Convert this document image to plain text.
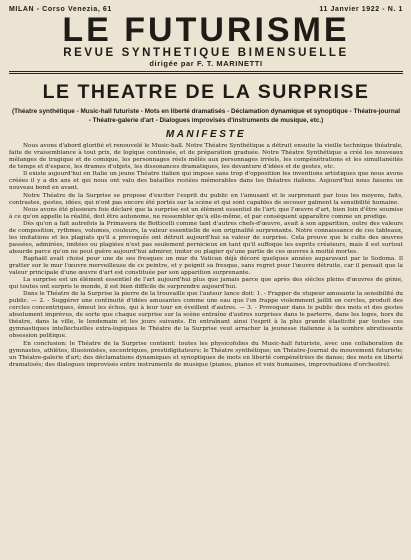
MILAN - Corso Venezia, 61	11 Janvier 1922 - N. 1
LE FUTURISME
REVUE SYNTHETIQUE BIMENSUELLE
dirigée par F. T. MARINETTI
LE THEATRE DE LA SURPRISE
(Théatre synthétique - Music-hall futuriste - Mots en liberté dramatisés - Déclamation dynamique et synoptique - Théatre-journal - Théatre-galerie d'art - Dialogues improvisés d'instruments de musique, etc.)
MANIFESTE

Nous avons d'abord glorifié et renouvelé le Music-hall. Notre Théatre Synthétique a détruit ensuite la vieille technique théatrale, faite de vraisemblance à tout prix, de logique continuée, et de préparation graduée. Notre Théatre Synthétique a créé les nouveaux mélanges de tragique et de comique, les personnages réels mêlés aux personnages irréels, les compénétrations et les simultanéités de temps et d'espace, les drames d'objets, les dissonances dramatiques, les devanture d'idées et de gestes, etc.

Il existe aujourd'hui en Italie un jeune Théatre italien qui impose sans trop d'opposition les inventions artistiques que nous avons créées il y a dix ans et qui nous ont valu des batailles restées mémorables dans les théatres italiens. Aujourd'hui nous faisons un nouveau bond en avant.

Notre Théatre de la Surprise se propose d'exciter l'esprit du public en l'amusant et le surprenant par tous les moyens, faits, contrastes, gestes, idées, qui n'ont pas encore été portés sur la scène et qui sont capables de secouer galment la sensibilité humaine.

Nous avons été plusieurs fois déclaré que la surprise est un élément essentiel de l'art; que l'œuvre d'art, bien loin d'être soumise à ce qu'on appelle la réalité, doit être autonome, ne ressembler qu'à elle-même, et par conséquent apparaître comme un prodige.

Dès qu'on a fait autrefois la Primavera de Botticelli comme tant d'autres chefs-d'œuvre, avait à son apparition, outre des valeurs de composition, rythmes, volumes, couleurs, la valeur essentielle de son originalité surprenante. Notre connaissance de ces tableaux, les imitations et les plagiats qu'il a provoqués ont détruit aujourd'hui sa valeur de surprise. Cela prouve que le culte des œuvres passées, admirées, imitées ou plagiées n'est pas seulement pernicieux en tant qu'il suffoque les esprits créateurs, mais il est surtout absurde parce qu'on ne peut guère aujourd'hui admirer, imiter ou plagier qu'une partie de ces œuvres à moitié mortes.

Raphaël avait choisi pour une de ses fresques un mur du Vatican déjà décoré quelques années auparavant par le Sodoma. Il gratter sur le mur l'œuvre merveilleuse de ce peintre, et y peignit sa fresque, sans regret pour l'œuvre détruite, car il pensait que la valeur principale d'une œuvre d'art est constituée par son apparition surprenante.

La surprise est un élément essentiel de l'art aujourd'hui plus que jamais parce que après des siècles pleins d'œuvres de génie, qui toutes ont surpris le monde, il est bien difficile de surprendre aujourd'hui.

Dans le Théatre de la Surprise la pierre de la trouvaille que l'auteur lance doit: 1. - Frapper de stupeur amusante la sensibilité du public. — 2. - Suggérer une continuité d'idées amusantes comme une eau que l'on frappe violemment jaillit en cercles, produit des cercles concentriques, émeut les échos, qui à leur tour en éveillent d'autres. — 3. - Provoquer dans le public des mots et des gestes absolument imprévus, de sorte que chaque surprise sur la scène entraîne d'autres surprises dans le parterre, dans les loges, hors du théatre, dans la ville, le lendemain et les jours suivants. En entraînant ainsi l'esprit à la plus grande élasticité par toutes ces gymnastiques intellectuelles extra-logiques le Théatre de la Surprise veut arracher la jeunesse italienne à la sombre abrutissante obsession politique.

En conclusion: le Théatre de la Surprise contient: toutes les physicofolies du Music-hall futuriste, avec une collaboration de gymnastes, athlètes, illusionistes, excentriques, prestidigitateurs; le Théatre synthétique; un Théatre-Journal du mouvement futuriste; un Théatre-galerie d'art; des déclamations dynamiques et synoptiques de mots en liberté compénétrées de danse; des mots en liberté dramatisés; des dialogues improvisés entre instruments de musique (pianos, pianos et voix humaines, improvisations d'orchestre).
